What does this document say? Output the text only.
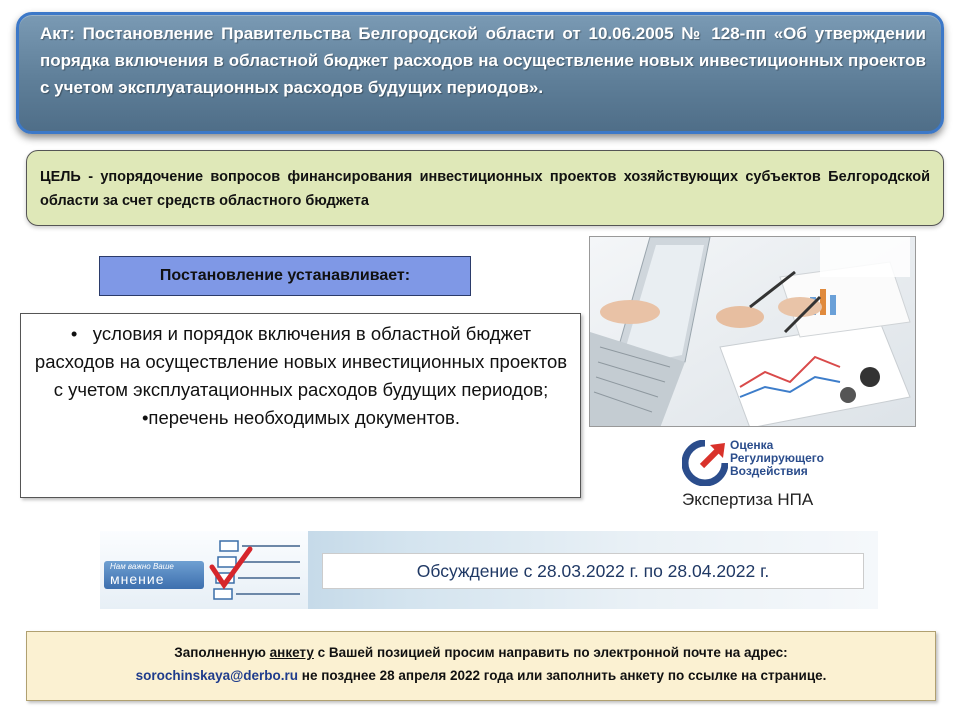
Акт: Постановление Правительства Белгородской области от 10.06.2005 № 128-пп «Об утверждении порядка включения в областной бюджет расходов на осуществление новых инвестиционных проектов с учетом эксплуатационных расходов будущих периодов».
ЦЕЛЬ - упорядочение вопросов финансирования инвестиционных проектов хозяйствующих субъектов Белгородской области за счет средств областного бюджета
Постановление устанавливает:

• условия и порядок включения в областной бюджет расходов на осуществление новых инвестиционных проектов с учетом эксплуатационных расходов будущих периодов;

•перечень необходимых документов.

Оценка
Регулирующего
Воздействия
Экспертиза НПА
Нам важно Ваше
мнение	Обсуждение с 28.03.2022 г. по 28.04.2022 г.
Заполненную анкету с Вашей позицией просим направить по электронной почте на адрес:
sorochinskaya@derbo.ru не позднее 28 апреля 2022 года или заполнить анкету по ссылке на странице.
